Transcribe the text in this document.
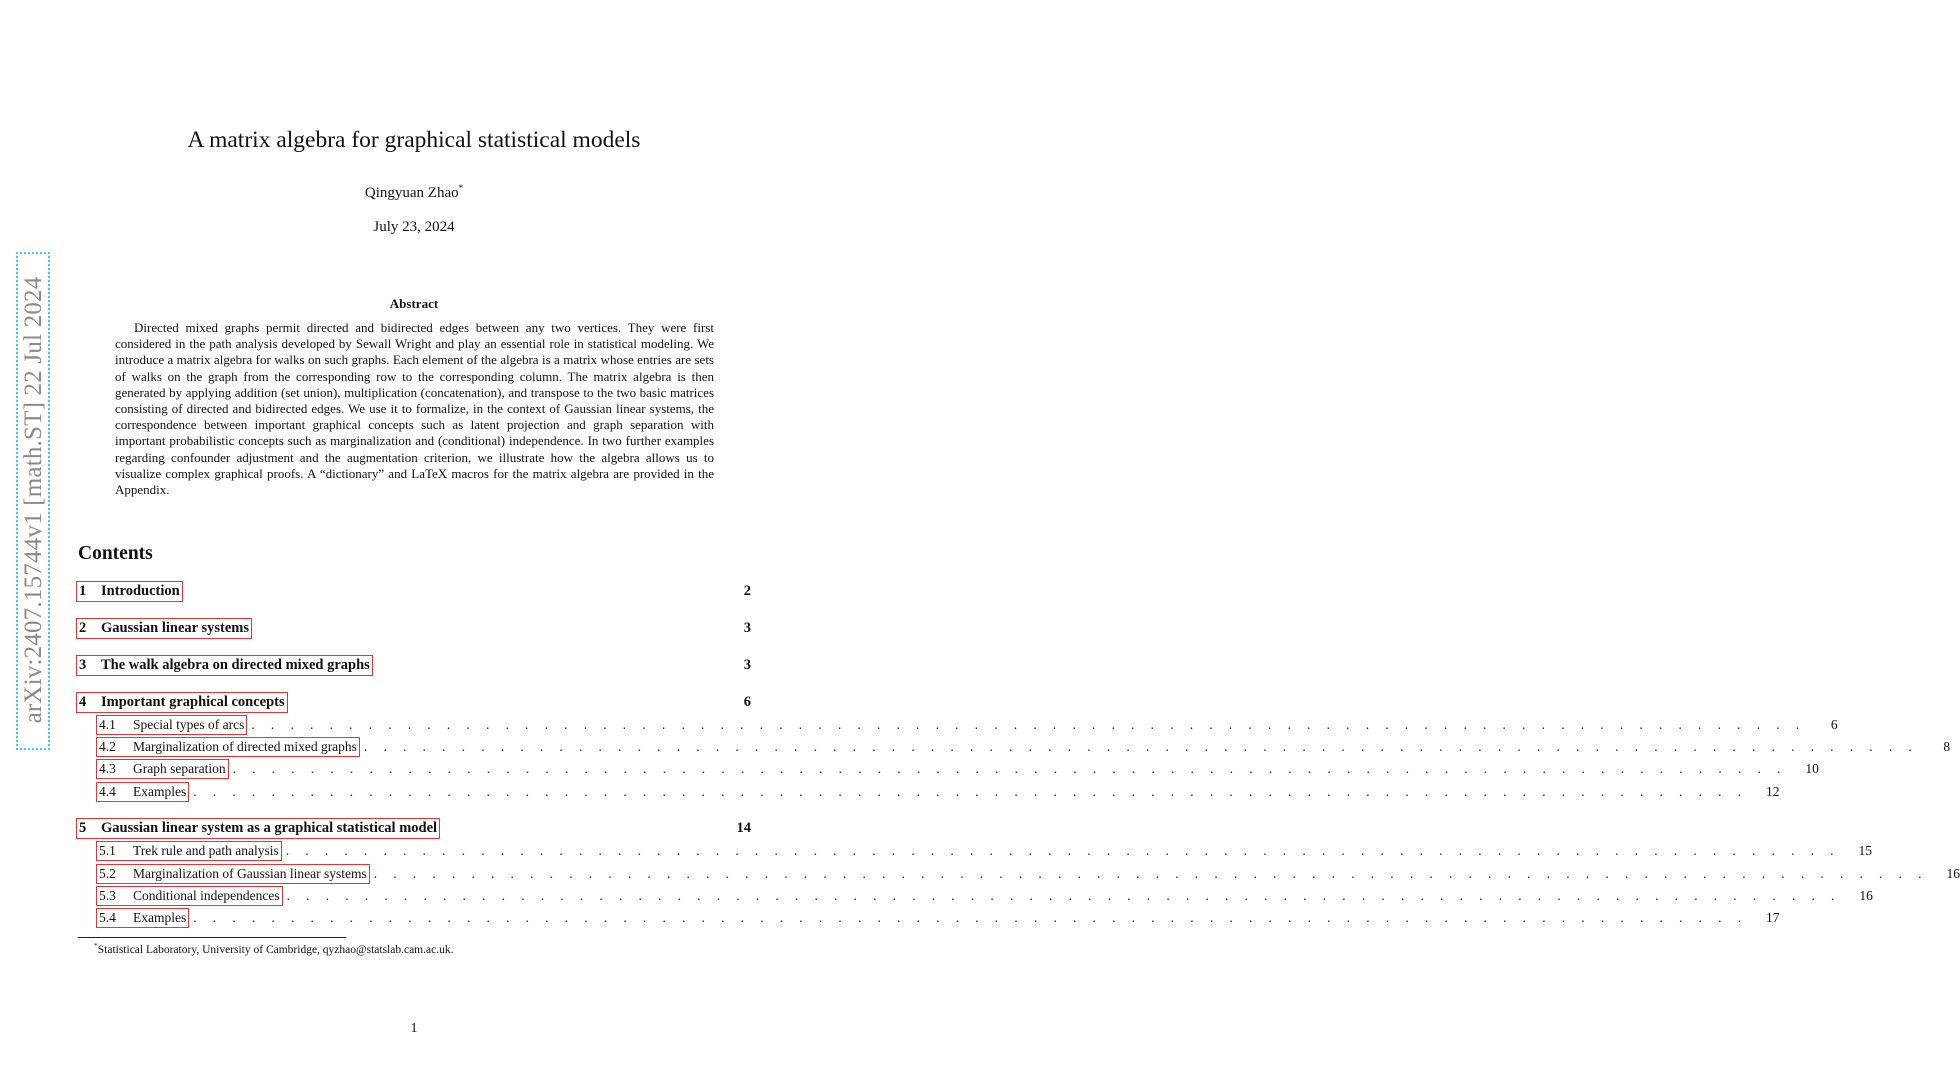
arXiv:2407.15744v1 [math.ST] 22 Jul 2024
A matrix algebra for graphical statistical models
Qingyuan Zhao*
July 23, 2024
Abstract

Directed mixed graphs permit directed and bidirected edges between any two vertices. They were first considered in the path analysis developed by Sewall Wright and play an essential role in statistical modeling. We introduce a matrix algebra for walks on such graphs. Each element of the algebra is a matrix whose entries are sets of walks on the graph from the corresponding row to the corresponding column. The matrix algebra is then generated by applying addition (set union), multiplication (concatenation), and transpose to the two basic matrices consisting of directed and bidirected edges. We use it to formalize, in the context of Gaussian linear systems, the correspondence between important graphical concepts such as latent projection and graph separation with important probabilistic concepts such as marginalization and (conditional) independence. In two further examples regarding confounder adjustment and the augmentation criterion, we illustrate how the algebra allows us to visualize complex graphical proofs. A “dictionary” and LaTeX macros for the matrix algebra are provided in the Appendix.

Contents
1	Introduction	2
2	Gaussian linear systems	3
3	The walk algebra on directed mixed graphs	3
4	Important graphical concepts	6
4.1	Special types of arcs . . . . . . . . . . . . . . . . . . . . . . . . . . . . . . . . . . . . . . . . . . . . . . . . . . . . . . . . . . . . . . . . . . . . . . . . . . . . . . . .	6
4.2	Marginalization of directed mixed graphs . . . . . . . . . . . . . . . . . . . . . . . . . . . . . . . . . . . . . . . . . . . . . . . . . . . . . . . . . . . . . . . . . . . . . . . . . . . . . . . .	8
4.3	Graph separation . . . . . . . . . . . . . . . . . . . . . . . . . . . . . . . . . . . . . . . . . . . . . . . . . . . . . . . . . . . . . . . . . . . . . . . . . . . . . . . .	10
4.4	Examples . . . . . . . . . . . . . . . . . . . . . . . . . . . . . . . . . . . . . . . . . . . . . . . . . . . . . . . . . . . . . . . . . . . . . . . . . . . . . . . .	12
5	Gaussian linear system as a graphical statistical model	14
5.1	Trek rule and path analysis . . . . . . . . . . . . . . . . . . . . . . . . . . . . . . . . . . . . . . . . . . . . . . . . . . . . . . . . . . . . . . . . . . . . . . . . . . . . . . . .	15
5.2	Marginalization of Gaussian linear systems . . . . . . . . . . . . . . . . . . . . . . . . . . . . . . . . . . . . . . . . . . . . . . . . . . . . . . . . . . . . . . . . . . . . . . . . . . . . . . . .	16
5.3	Conditional independences . . . . . . . . . . . . . . . . . . . . . . . . . . . . . . . . . . . . . . . . . . . . . . . . . . . . . . . . . . . . . . . . . . . . . . . . . . . . . . . .	16
5.4	Examples . . . . . . . . . . . . . . . . . . . . . . . . . . . . . . . . . . . . . . . . . . . . . . . . . . . . . . . . . . . . . . . . . . . . . . . . . . . . . . . .	17
*Statistical Laboratory, University of Cambridge, qyzhao@statslab.cam.ac.uk.
1
